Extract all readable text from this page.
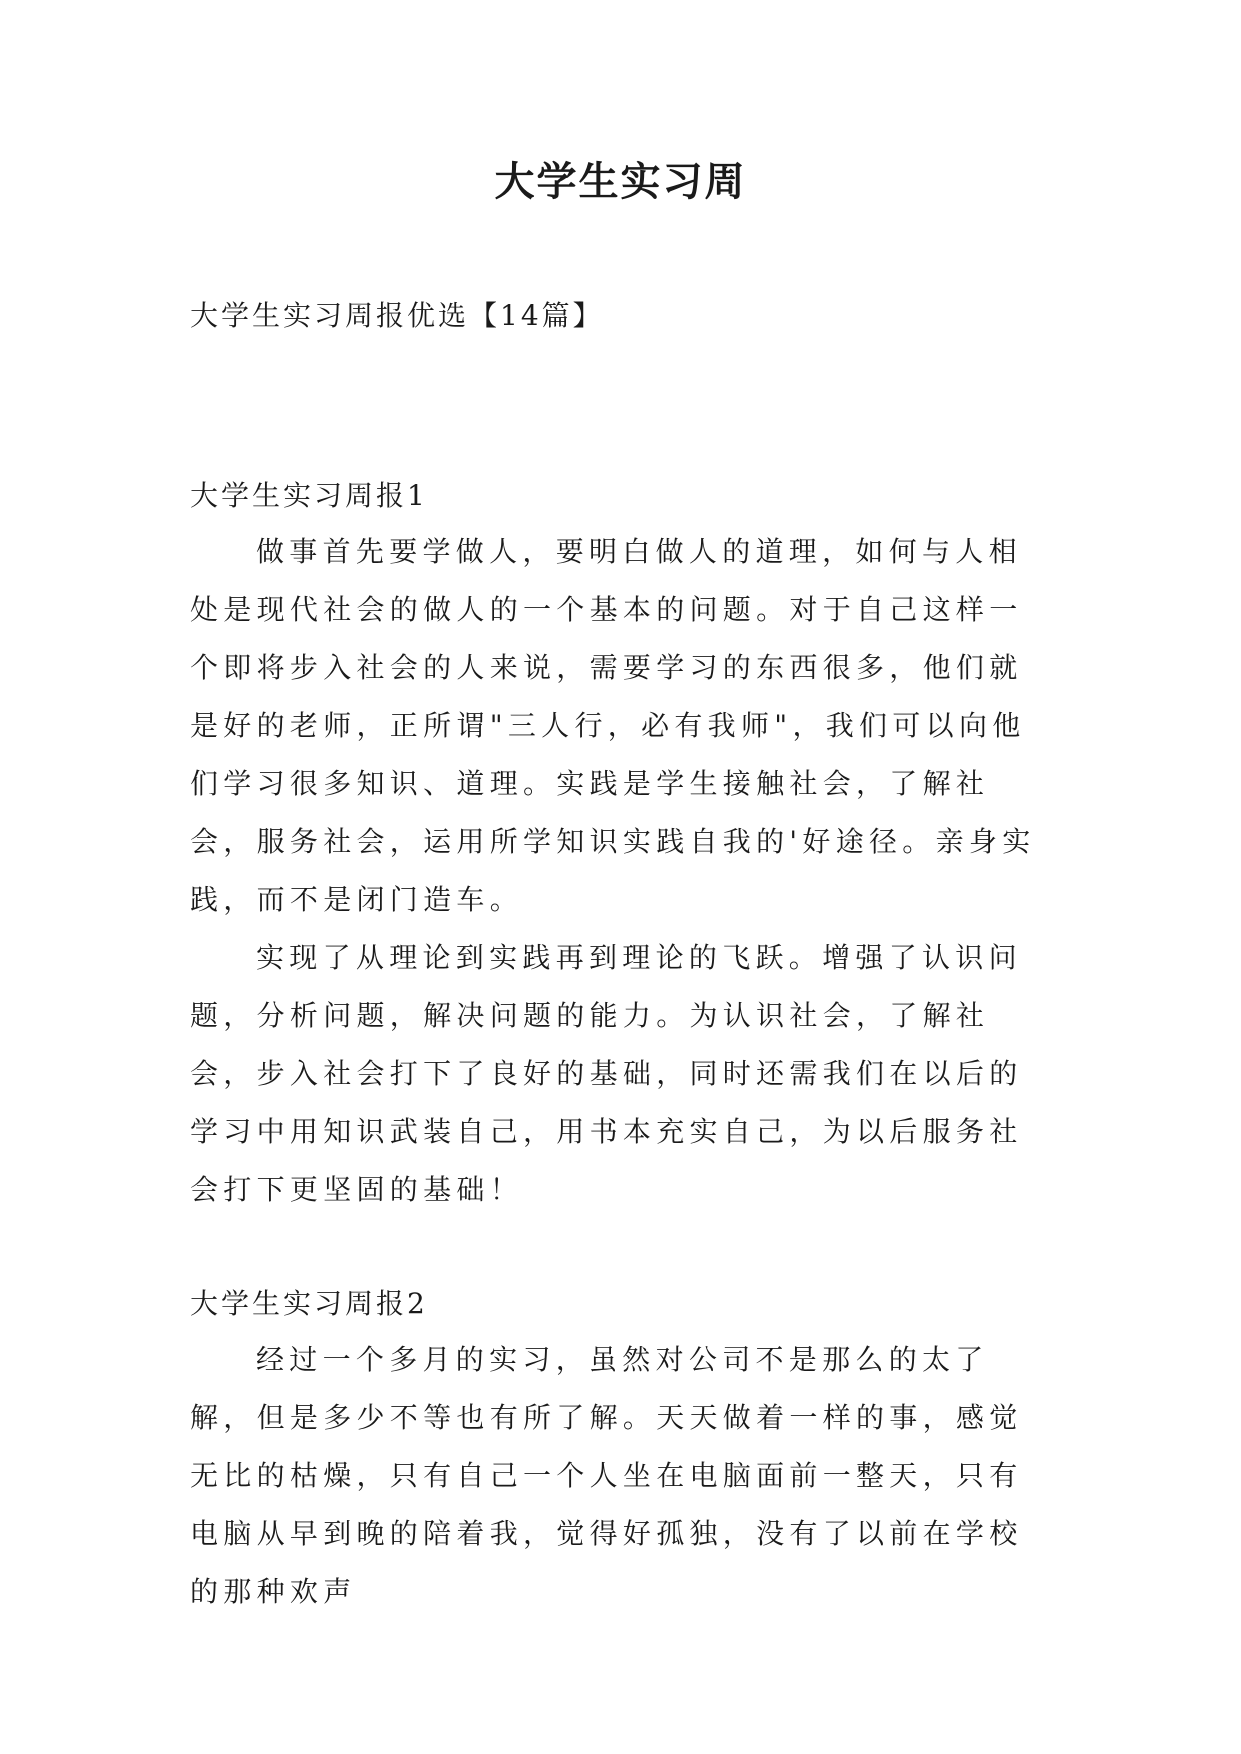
大学生实习周

大学生实习周报优选【14篇】

大学生实习周报1

做事首先要学做人，要明白做人的道理，如何与人相处是现代社会的做人的一个基本的问题。对于自己这样一个即将步入社会的人来说，需要学习的东西很多，他们就是好的老师，正所谓"三人行，必有我师"，我们可以向他们学习很多知识、道理。实践是学生接触社会，了解社会，服务社会，运用所学知识实践自我的'好途径。亲身实践，而不是闭门造车。

实现了从理论到实践再到理论的飞跃。增强了认识问题，分析问题，解决问题的能力。为认识社会，了解社会，步入社会打下了良好的基础，同时还需我们在以后的学习中用知识武装自己，用书本充实自己，为以后服务社会打下更坚固的基础！

大学生实习周报2

经过一个多月的实习，虽然对公司不是那么的太了解，但是多少不等也有所了解。天天做着一样的事，感觉无比的枯燥，只有自己一个人坐在电脑面前一整天，只有电脑从早到晚的陪着我，觉得好孤独，没有了以前在学校的那种欢声
